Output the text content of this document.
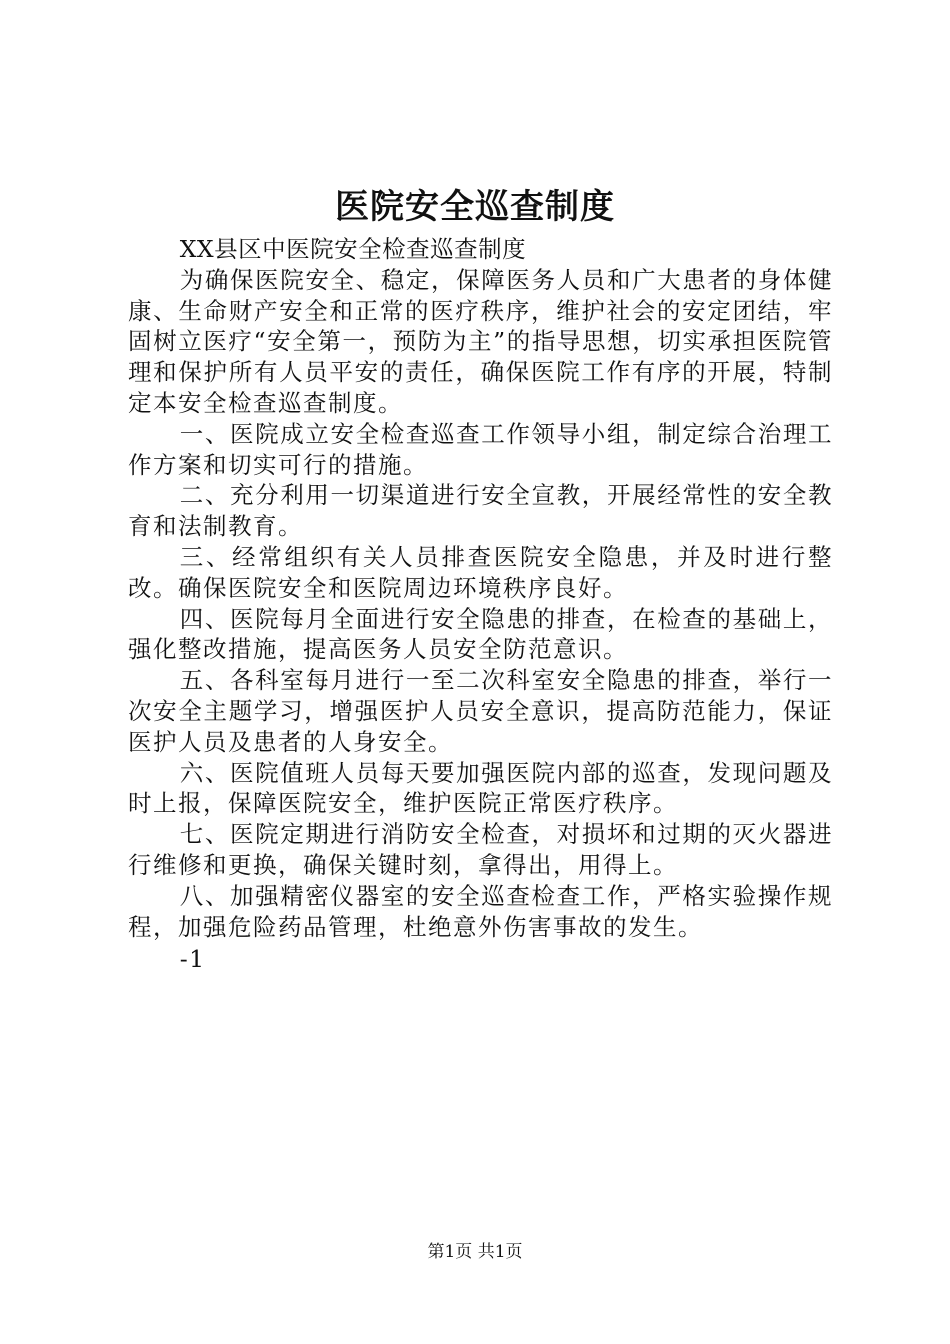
医院安全巡查制度

XX县区中医院安全检查巡查制度

为确保医院安全、稳定，保障医务人员和广大患者的身体健康、生命财产安全和正常的医疗秩序，维护社会的安定团结，牢固树立医疗“安全第一，预防为主”的指导思想，切实承担医院管理和保护所有人员平安的责任，确保医院工作有序的开展，特制定本安全检查巡查制度。

一、医院成立安全检查巡查工作领导小组，制定综合治理工作方案和切实可行的措施。

二、充分利用一切渠道进行安全宣教，开展经常性的安全教育和法制教育。

三、经常组织有关人员排查医院安全隐患，并及时进行整改。确保医院安全和医院周边环境秩序良好。

四、医院每月全面进行安全隐患的排查，在检查的基础上，强化整改措施，提高医务人员安全防范意识。

五、各科室每月进行一至二次科室安全隐患的排查，举行一次安全主题学习，增强医护人员安全意识，提高防范能力，保证医护人员及患者的人身安全。

六、医院值班人员每天要加强医院内部的巡查，发现问题及时上报，保障医院安全，维护医院正常医疗秩序。

七、医院定期进行消防安全检查，对损坏和过期的灭火器进行维修和更换，确保关键时刻，拿得出，用得上。

八、加强精密仪器室的安全巡查检查工作，严格实验操作规程，加强危险药品管理，杜绝意外伤害事故的发生。

-1

第1页 共1页
